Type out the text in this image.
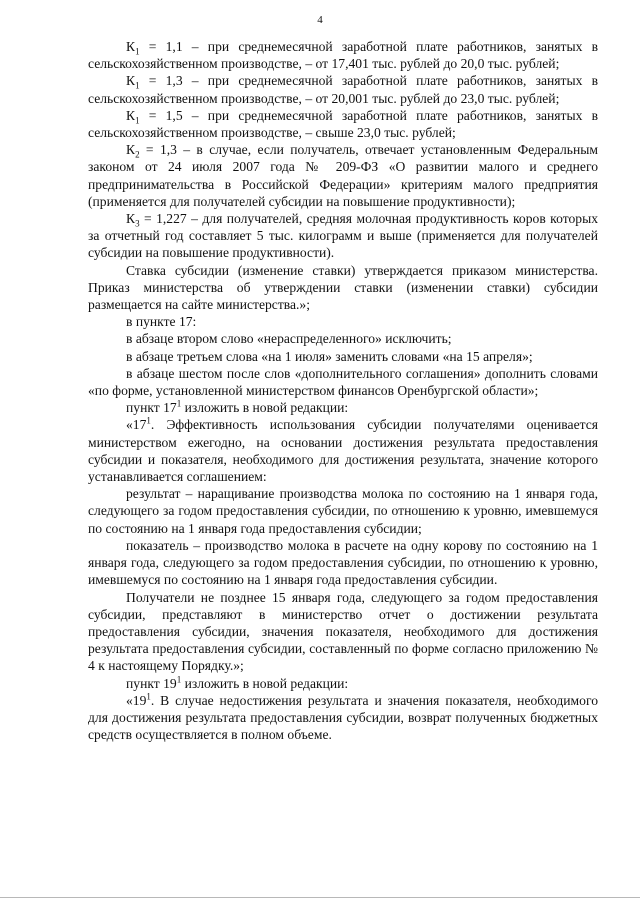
4

$К_1 = 1,1$ – при среднемесячной заработной плате работников, занятых в сельскохозяйственном производстве, – от 17,401 тыс. рублей до 20,0 тыс. рублей;

$К_1 = 1,3$ – при среднемесячной заработной плате работников, занятых в сельскохозяйственном производстве, – от 20,001 тыс. рублей до 23,0 тыс. рублей;

$К_1 = 1,5$ – при среднемесячной заработной плате работников, занятых в сельскохозяйственном производстве, – свыше 23,0 тыс. рублей;

$К_2 = 1,3 - в$ случае, если получатель, отвечает установленным Федеральным законом от 24 июля 2007 года № 209-ФЗ «О развитии малого и среднего предпринимательства в Российской Федерации» критериям малого предприятия (применяется для получателей субсидии на повышение продуктивности);

$К_3 = 1,227$ – для получателей, средняя молочная продуктивность коров которых за отчетный год составляет 5 тыс. килограмм и выше (применяется для получателей субсидии на повышение продуктивности).

Ставка субсидии (изменение ставки) утверждается приказом министерства. Приказ министерства об утверждении ставки (изменении ставки) субсидии размещается на сайте министерства.»;

в пункте 17:

в абзаце втором слово «нераспределенного» исключить;

в абзаце третьем слова «на 1 июля» заменить словами «на 15 апреля»;

в абзаце шестом после слов «дополнительного соглашения» дополнить словами «по форме, установленной министерством финансов Оренбургской области»;

пункт $17^1$ изложить в новой редакции:

«$17^1$. Эффективность использования субсидии получателями оценивается министерством ежегодно, на основании достижения результата предоставления субсидии и показателя, необходимого для достижения результата, значение которого устанавливается соглашением:

результат – наращивание производства молока по состоянию на 1 января года, следующего за годом предоставления субсидии, по отношению к уровню, имевшемуся по состоянию на 1 января года предоставления субсидии;

показатель – производство молока в расчете на одну корову по состоянию на 1 января года, следующего за годом предоставления субсидии, по отношению к уровню, имевшемуся по состоянию на 1 января года предоставления субсидии.

Получатели не позднее 15 января года, следующего за годом предоставления субсидии, представляют в министерство отчет о достижении результата предоставления субсидии, значения показателя, необходимого для достижения результата предоставления субсидии, составленный по форме согласно приложению № 4 к настоящему Порядку.»;

пункт $19^1$ изложить в новой редакции:

«$19^1$. В случае недостижения результата и значения показателя, необходимого для достижения результата предоставления субсидии, возврат полученных бюджетных средств осуществляется в полном объеме.
